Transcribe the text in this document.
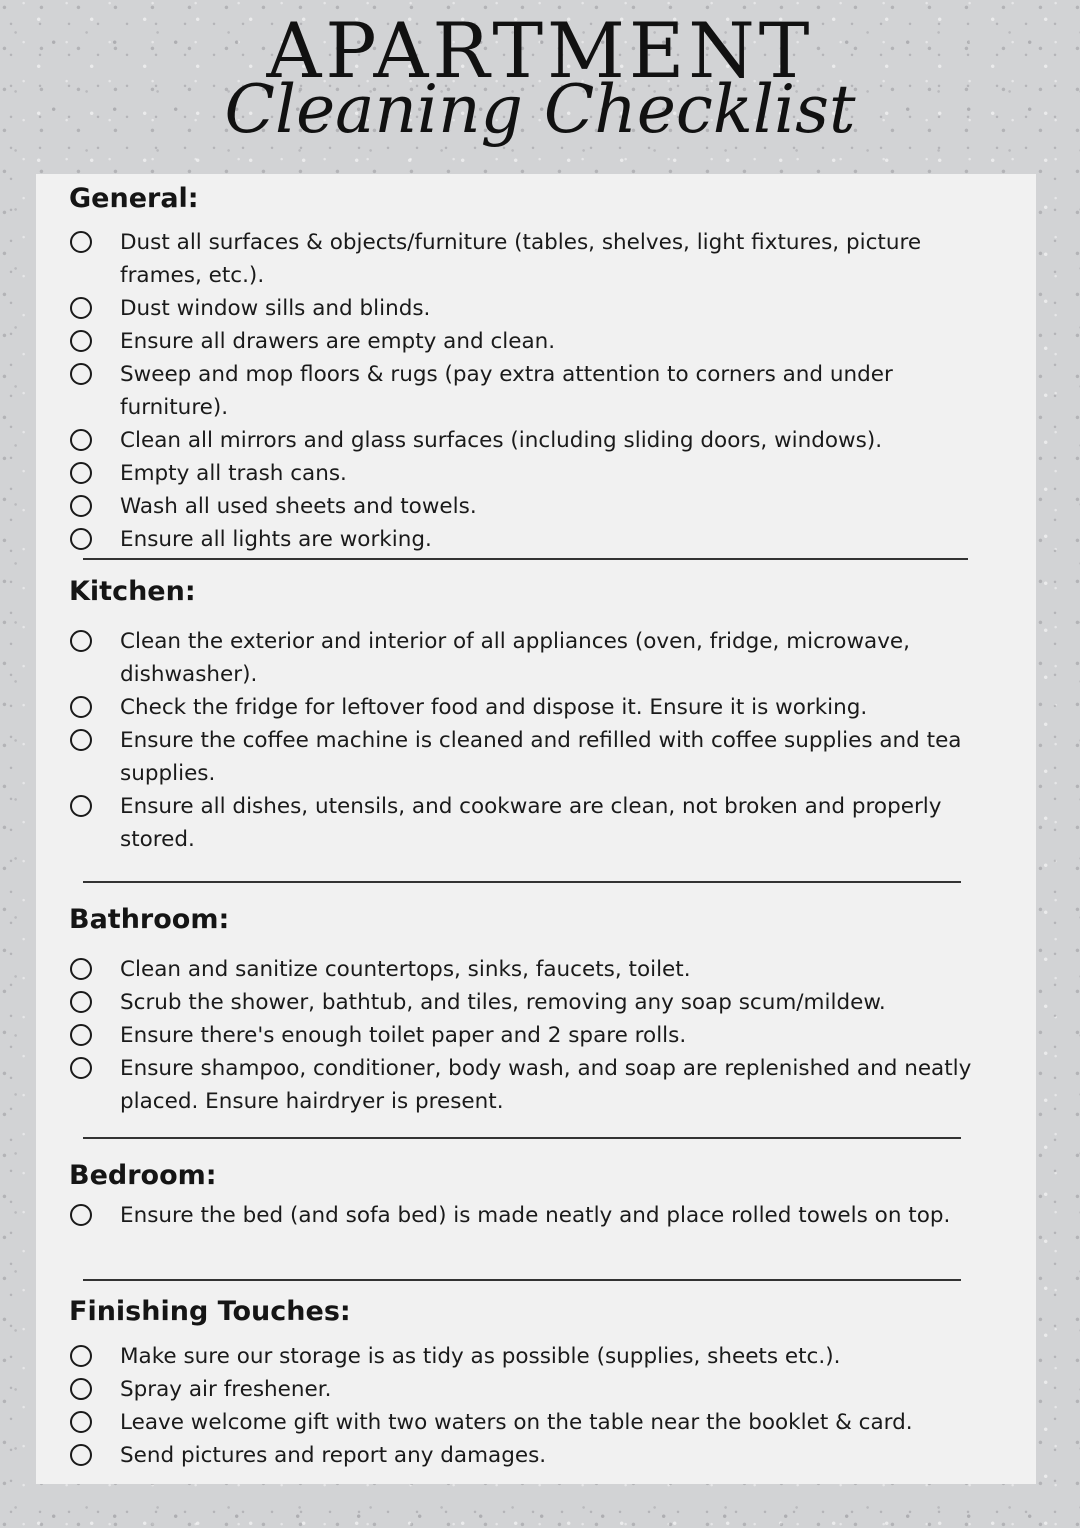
APARTMENT
Cleaning Checklist
General:
Dust all surfaces & objects/furniture (tables, shelves, light fixtures, picture frames, etc.).
Dust window sills and blinds.
Ensure all drawers are empty and clean.
Sweep and mop floors & rugs (pay extra attention to corners and under furniture).
Clean all mirrors and glass surfaces (including sliding doors, windows).
Empty all trash cans.
Wash all used sheets and towels.
Ensure all lights are working.
Kitchen:
Clean the exterior and interior of all appliances (oven, fridge, microwave, dishwasher).
Check the fridge for leftover food and dispose it. Ensure it is working.
Ensure the coffee machine is cleaned and refilled with coffee supplies and tea supplies.
Ensure all dishes, utensils, and cookware are clean, not broken and properly stored.
Bathroom:
Clean and sanitize countertops, sinks, faucets, toilet.
Scrub the shower, bathtub, and tiles, removing any soap scum/mildew.
Ensure there's enough toilet paper and 2 spare rolls.
Ensure shampoo, conditioner, body wash, and soap are replenished and neatly placed. Ensure hairdryer is present.
Bedroom:
Ensure the bed (and sofa bed) is made neatly and place rolled towels on top.
Finishing Touches:
Make sure our storage is as tidy as possible (supplies, sheets etc.).
Spray air freshener.
Leave welcome gift with two waters on the table near the booklet & card.
Send pictures and report any damages.
